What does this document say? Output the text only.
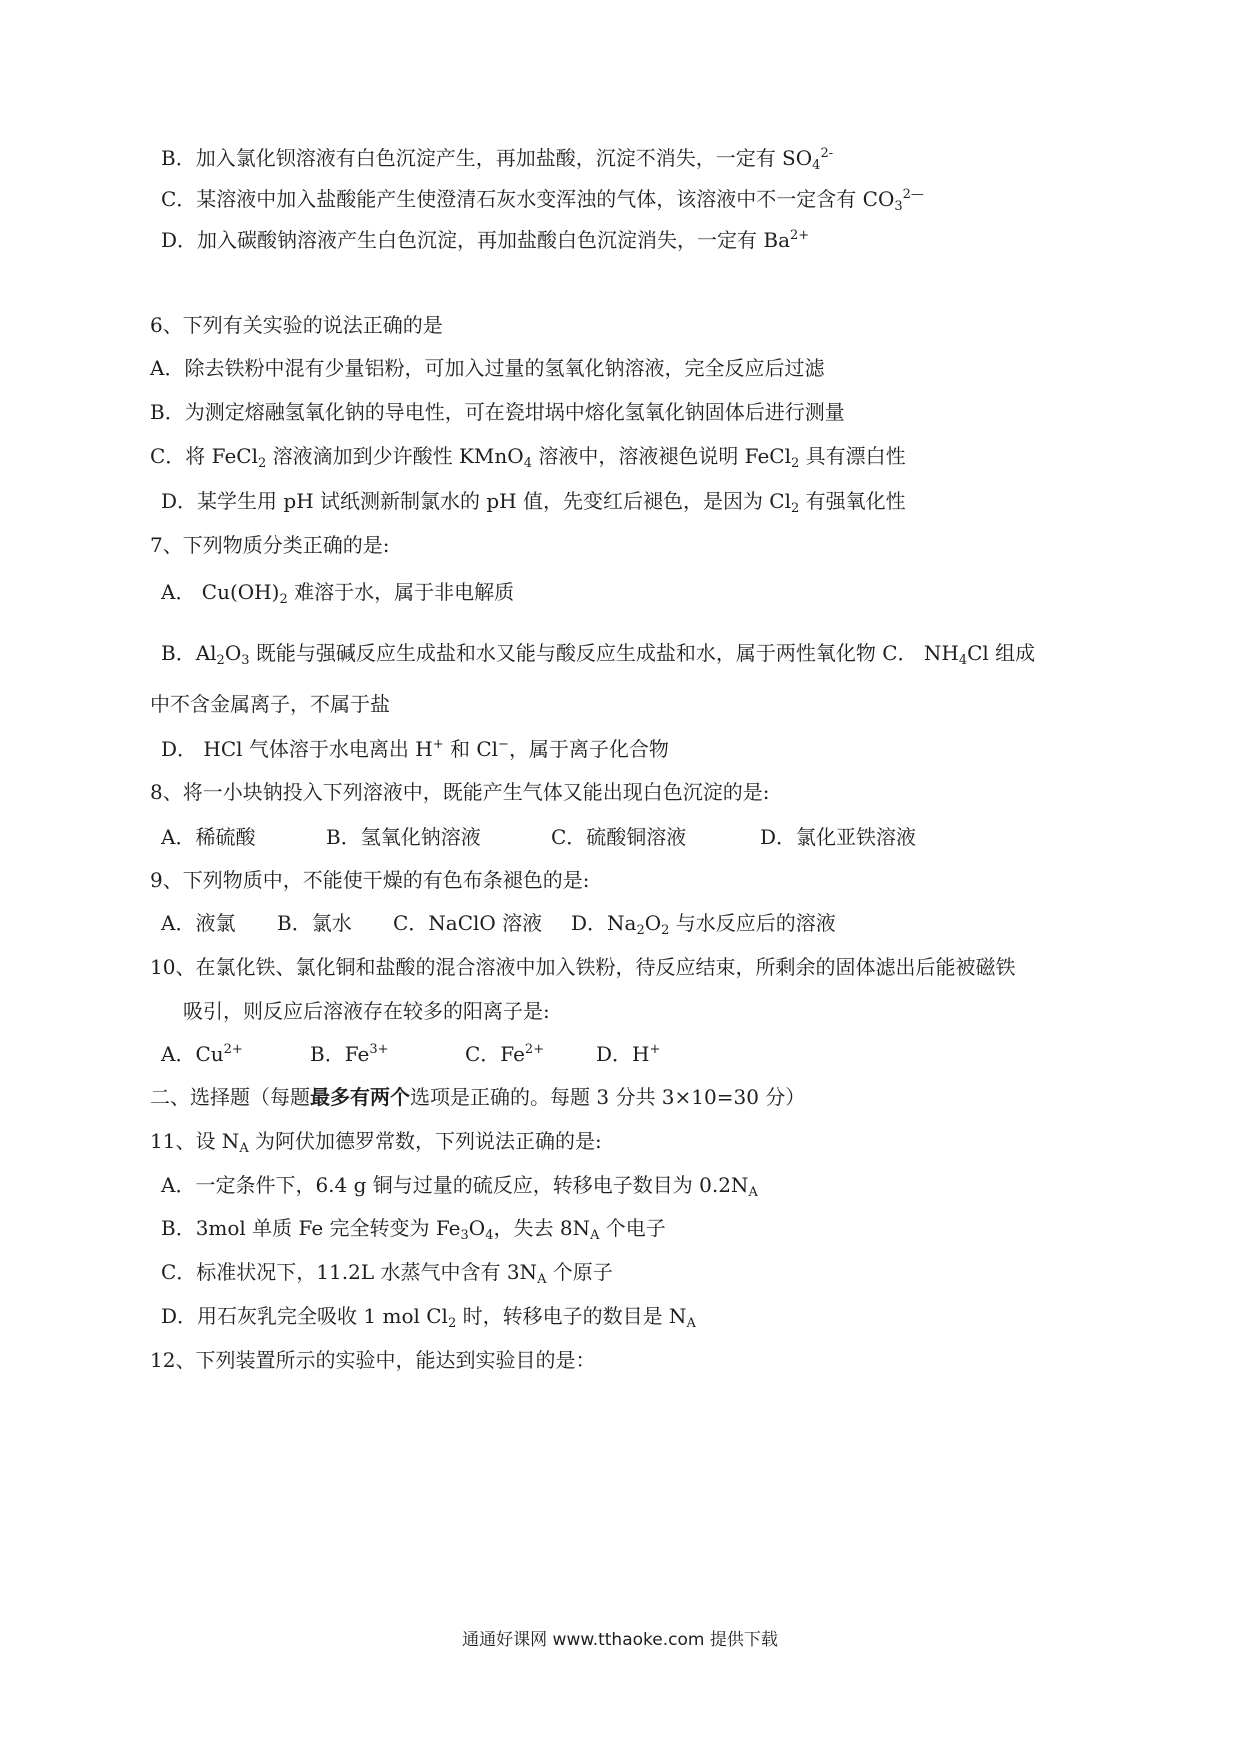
B．加入氯化钡溶液有白色沉淀产生，再加盐酸，沉淀不消失，一定有 $SO_4^{2-}$
C．某溶液中加入盐酸能产生使澄清石灰水变浑浊的气体，该溶液中不一定含有 $CO_3^{2—}$
D．加入碳酸钠溶液产生白色沉淀，再加盐酸白色沉淀消失，一定有 $Ba^{2+}$
6、下列有关实验的说法正确的是
A．除去铁粉中混有少量铝粉，可加入过量的氢氧化钠溶液，完全反应后过滤
B．为测定熔融氢氧化钠的导电性，可在瓷坩埚中熔化氢氧化钠固体后进行测量
C．将 FeCl$_2$ 溶液滴加到少许酸性 KMnO$_4$ 溶液中，溶液褪色说明 FeCl$_2$ 具有漂白性
D．某学生用 pH 试纸测新制氯水的 pH 值，先变红后褪色，是因为 $Cl_2$ 有强氧化性
7、下列物质分类正确的是:
A． $Cu(OH)_2$ 难溶于水，属于非电解质
B．$Al_2O_3$ 既能与强碱反应生成盐和水又能与酸反应生成盐和水，属于两性氧化物 C． $NH_4Cl$ 组成
中不含金属离子，不属于盐
D． HCl 气体溶于水电离出 H+ 和 Cl−，属于离子化合物
8、将一小块钠投入下列溶液中，既能产生气体又能出现白色沉淀的是:
A．稀硫酸	B．氢氧化钠溶液	C．硫酸铜溶液	D．氯化亚铁溶液
9、下列物质中，不能使干燥的有色布条褪色的是:
A．液氯 B．氯水 C．NaClO 溶液 D．$Na_2O_2$ 与水反应后的溶液
10、在氯化铁、氯化铜和盐酸的混合溶液中加入铁粉，待反应结束，所剩余的固体滤出后能被磁铁
吸引，则反应后溶液存在较多的阳离子是:
A．$Cu^{2+}$	B．$Fe^{3+}$	C．$Fe^{2+}$	D．H+
二、选择题（每题最多有两个选项是正确的。每题 3 分共 3×10=30 分）
11、设 $N_A$ 为阿伏加德罗常数，下列说法正确的是:
A．一定条件下，6.4 g 铜与过量的硫反应，转移电子数目为 $0.2N_A$
B．3mol 单质 Fe 完全转变为 $Fe_3O_4$，失去 $8N_A$ 个电子
C．标准状况下，11.2L 水蒸气中含有 $3N_A$ 个原子
D．用石灰乳完全吸收 1 mol $Cl_2$ 时，转移电子的数目是 $N_A$
12、下列装置所示的实验中，能达到实验目的是：
通通好课网 www.tthaoke.com 提供下载
